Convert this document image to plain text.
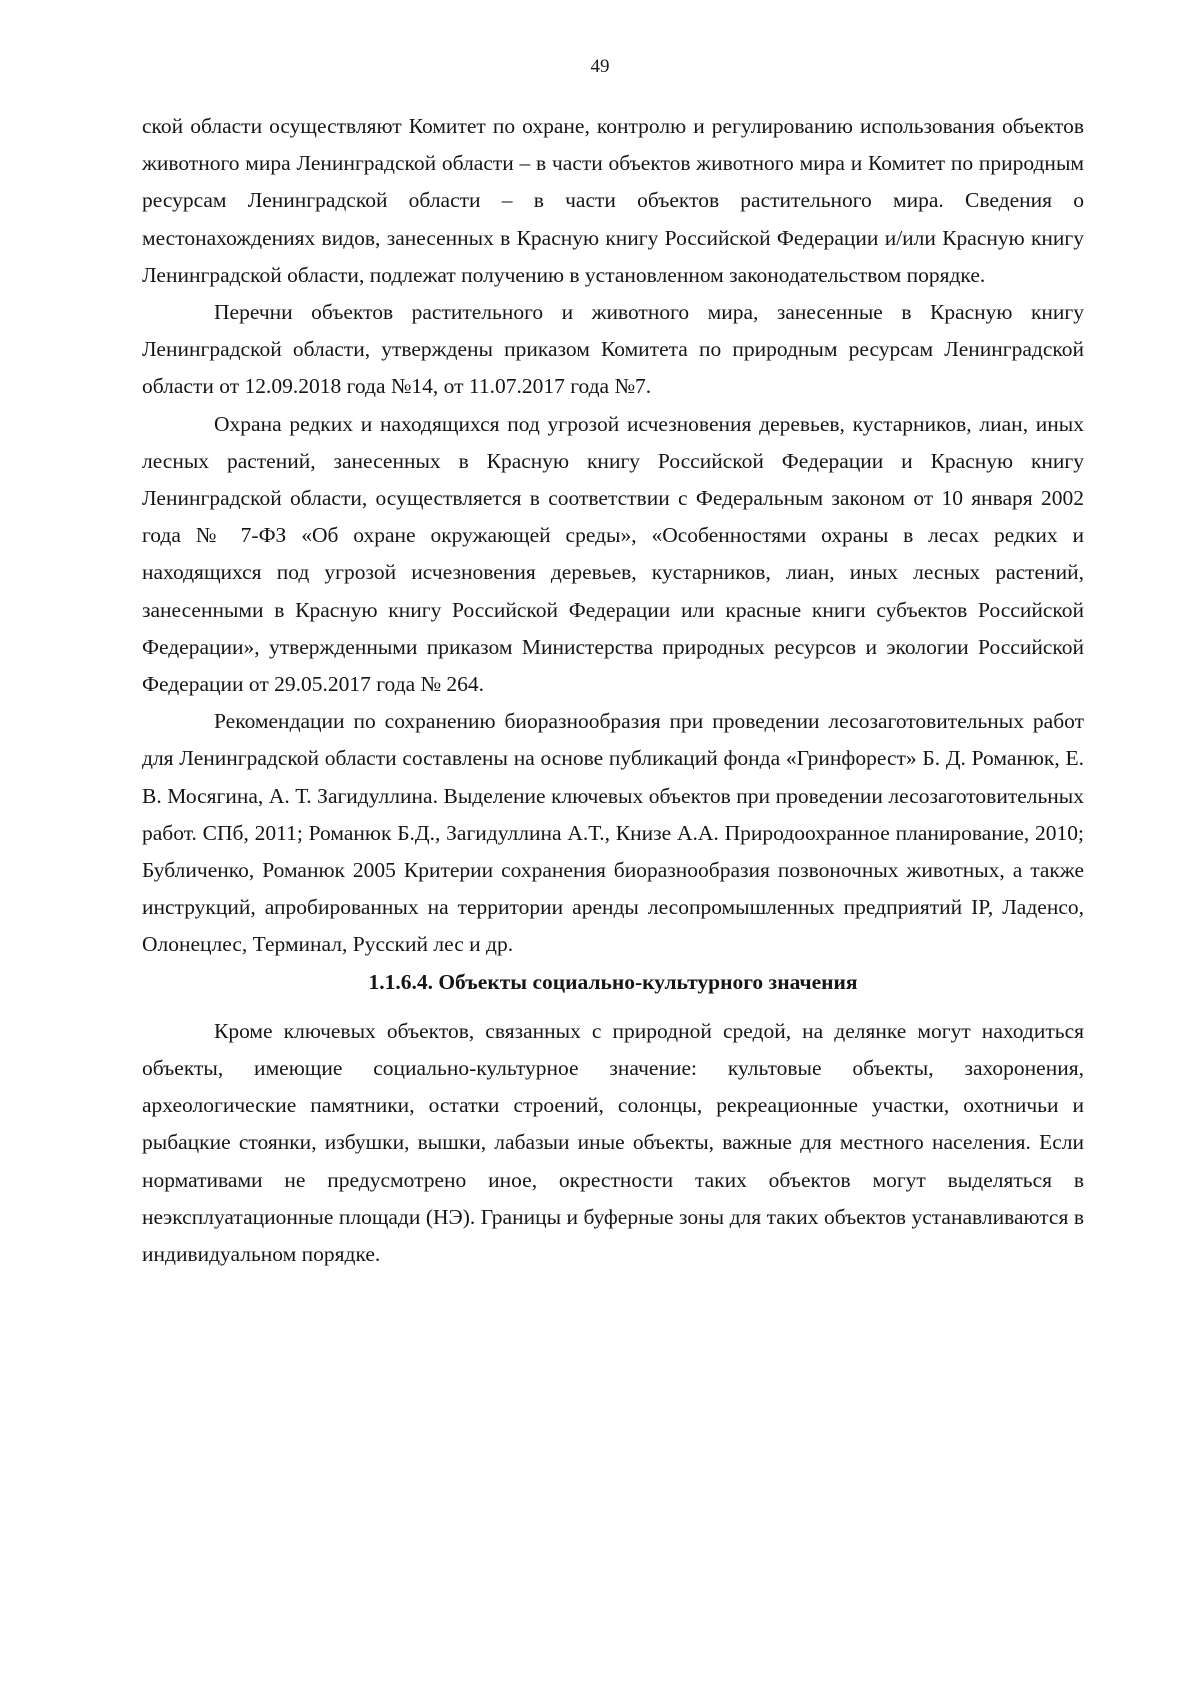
49

ской области осуществляют Комитет по охране, контролю и регулированию использования объектов животного мира Ленинградской области – в части объектов животного мира и Комитет по природным ресурсам Ленинградской области – в части объектов растительного мира. Сведения о местонахождениях видов, занесенных в Красную книгу Российской Федерации и/или Красную книгу Ленинградской области, подлежат получению в установленном законодательством порядке.

Перечни объектов растительного и животного мира, занесенные в Красную книгу Ленинградской области, утверждены приказом Комитета по природным ресурсам Ленинградской области от 12.09.2018 года №14, от 11.07.2017 года №7.

Охрана редких и находящихся под угрозой исчезновения деревьев, кустарников, лиан, иных лесных растений, занесенных в Красную книгу Российской Федерации и Красную книгу Ленинградской области, осуществляется в соответствии с Федеральным законом от 10 января 2002 года № 7-ФЗ «Об охране окружающей среды», «Особенностями охраны в лесах редких и находящихся под угрозой исчезновения деревьев, кустарников, лиан, иных лесных растений, занесенными в Красную книгу Российской Федерации или красные книги субъектов Российской Федерации», утвержденными приказом Министерства природных ресурсов и экологии Российской Федерации от 29.05.2017 года № 264.

Рекомендации по сохранению биоразнообразия при проведении лесозаготовительных работ для Ленинградской области составлены на основе публикаций фонда «Гринфорест» Б. Д. Романюк, Е. В. Мосягина, А. Т. Загидуллина. Выделение ключевых объектов при проведении лесозаготовительных работ. СПб, 2011; Романюк Б.Д., Загидуллина А.Т., Книзе А.А. Природоохранное планирование, 2010; Бубличенко, Романюк 2005 Критерии сохранения биоразнообразия позвоночных животных, а также инструкций, апробированных на территории аренды лесопромышленных предприятий IP, Ладенсо, Олонецлес, Терминал, Русский лес и др.

1.1.6.4. Объекты социально-культурного значения

Кроме ключевых объектов, связанных с природной средой, на делянке могут находиться объекты, имеющие социально-культурное значение: культовые объекты, захоронения, археологические памятники, остатки строений, солонцы, рекреационные участки, охотничьи и рыбацкие стоянки, избушки, вышки, лабазыи иные объекты, важные для местного населения. Если нормативами не предусмотрено иное, окрестности таких объектов могут выделяться в неэксплуатационные площади (НЭ). Границы и буферные зоны для таких объектов устанавливаются в индивидуальном порядке.
